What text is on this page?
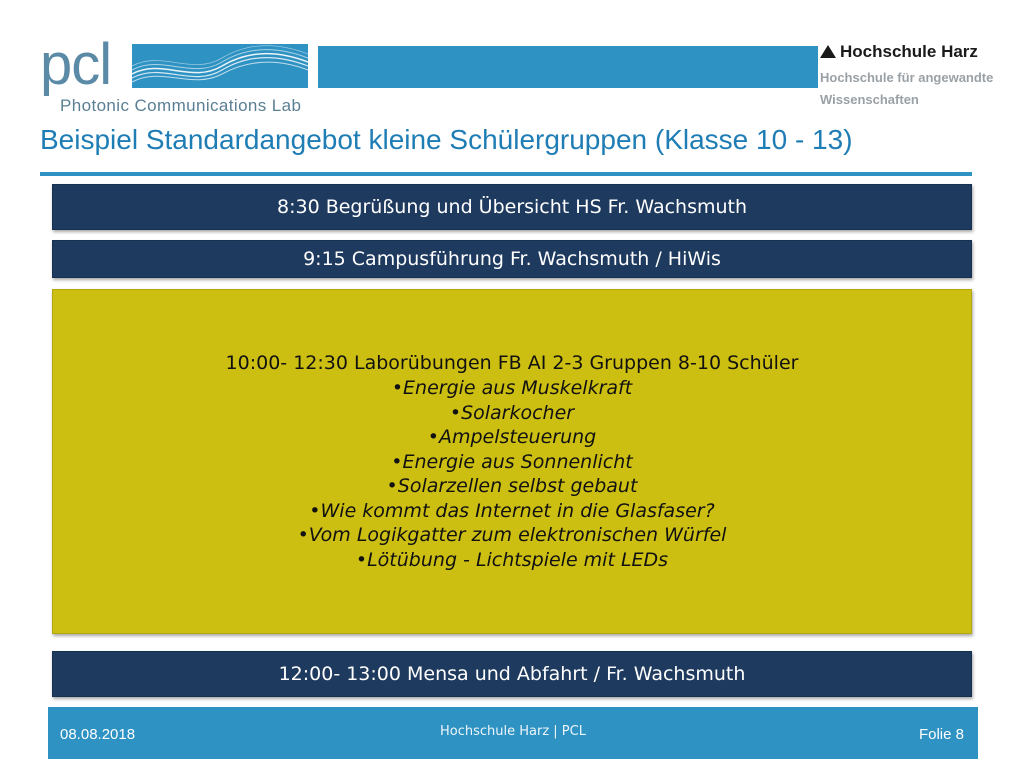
pcl
Photonic Communications Lab
Hochschule Harz
Hochschule für angewandte
Wissenschaften
Beispiel Standardangebot kleine Schülergruppen (Klasse 10 - 13)
8:30 Begrüßung und Übersicht HS Fr. Wachsmuth
9:15 Campusführung Fr. Wachsmuth / HiWis
10:00- 12:30 Laborübungen FB AI 2-3 Gruppen 8-10 Schüler
•Energie aus Muskelkraft
•Solarkocher
•Ampelsteuerung
•Energie aus Sonnenlicht
•Solarzellen selbst gebaut
•Wie kommt das Internet in die Glasfaser?
•Vom Logikgatter zum elektronischen Würfel
•Lötübung - Lichtspiele mit LEDs
12:00- 13:00 Mensa und Abfahrt / Fr. Wachsmuth
08.08.2018	Hochschule Harz | PCL	Folie 8
